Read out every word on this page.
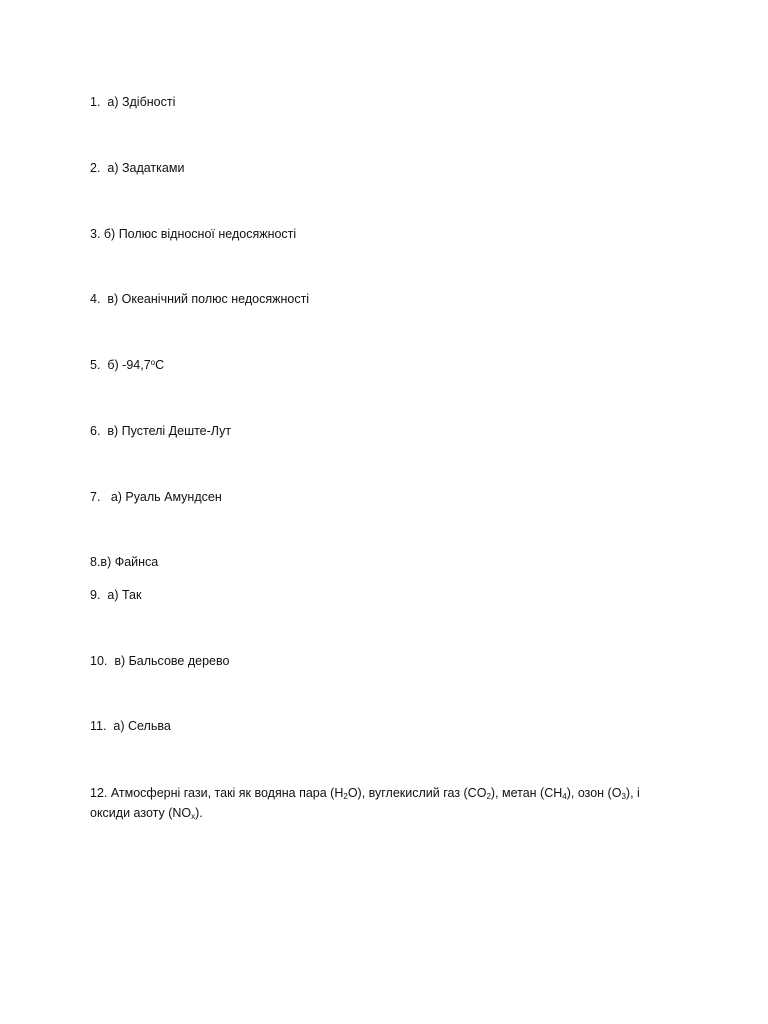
1.  а) Здібності
2.  а) Задатками
3. б) Полюс відносної недосяжності
4.  в) Океанічний полюс недосяжності
5.  б) $-94,7^оС$
6.  в) Пустелі Деште-Лут
7.   а) Руаль Амундсен
8.в) Файнса
9.  а) Так
10.  в) Бальсове дерево
11.  а) Сельва
12. Атмосферні гази, такі як водяна пара $(H_2O)$, вуглекислий газ $(CO_2)$, метан $(CH_4)$, озон $(O_3)$, і оксиди азоту $(NO_x)$.
